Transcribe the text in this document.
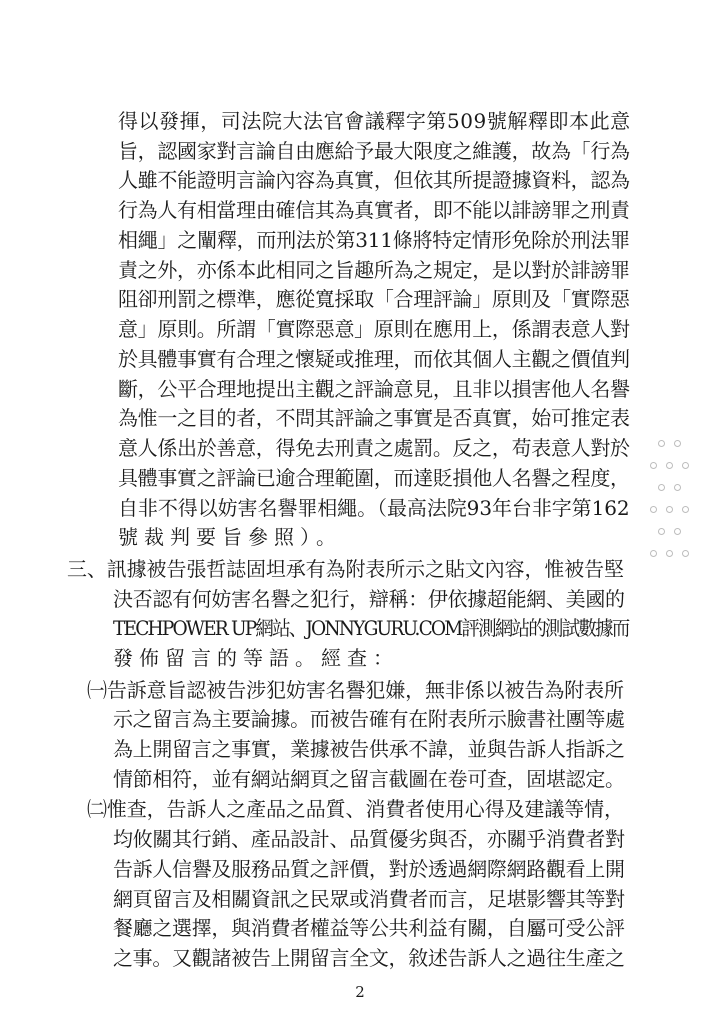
得以發揮，司法院大法官會議釋字第509號解釋即本此意
旨，認國家對言論自由應給予最大限度之維護，故為「行為
人雖不能證明言論內容為真實，但依其所提證據資料，認為
行為人有相當理由確信其為真實者，即不能以誹謗罪之刑責
相繩」之闡釋，而刑法於第311條將特定情形免除於刑法罪
責之外，亦係本此相同之旨趣所為之規定，是以對於誹謗罪
阻卻刑罰之標準，應從寬採取「合理評論」原則及「實際惡
意」原則。所謂「實際惡意」原則在應用上，係謂表意人對
於具體事實有合理之懷疑或推理，而依其個人主觀之價值判
斷，公平合理地提出主觀之評論意見，且非以損害他人名譽
為惟一之目的者，不問其評論之事實是否真實，始可推定表
意人係出於善意，得免去刑責之處罰。反之，苟表意人對於
具體事實之評論已逾合理範圍，而達貶損他人名譽之程度，
自非不得以妨害名譽罪相繩。（最高法院93年台非字第162
號裁判要旨參照）。
三、訊據被告張哲誌固坦承有為附表所示之貼文內容，惟被告堅
決否認有何妨害名譽之犯行，辯稱：伊依據超能網、美國的
TECHPOWER UP網站、JONNYGURU.COM評測網站的測試數據而
發佈留言的等語。經查：
㈠告訴意旨認被告涉犯妨害名譽犯嫌，無非係以被告為附表所
示之留言為主要論據。而被告確有在附表所示臉書社團等處
為上開留言之事實，業據被告供承不諱，並與告訴人指訴之
情節相符，並有網站網頁之留言截圖在卷可查，固堪認定。
㈡惟查，告訴人之產品之品質、消費者使用心得及建議等情，
均攸關其行銷、產品設計、品質優劣與否，亦關乎消費者對
告訴人信譽及服務品質之評價，對於透過網際網路觀看上開
網頁留言及相關資訊之民眾或消費者而言，足堪影響其等對
餐廳之選擇，與消費者權益等公共利益有關，自屬可受公評
之事。又觀諸被告上開留言全文，敘述告訴人之過往生產之
2
